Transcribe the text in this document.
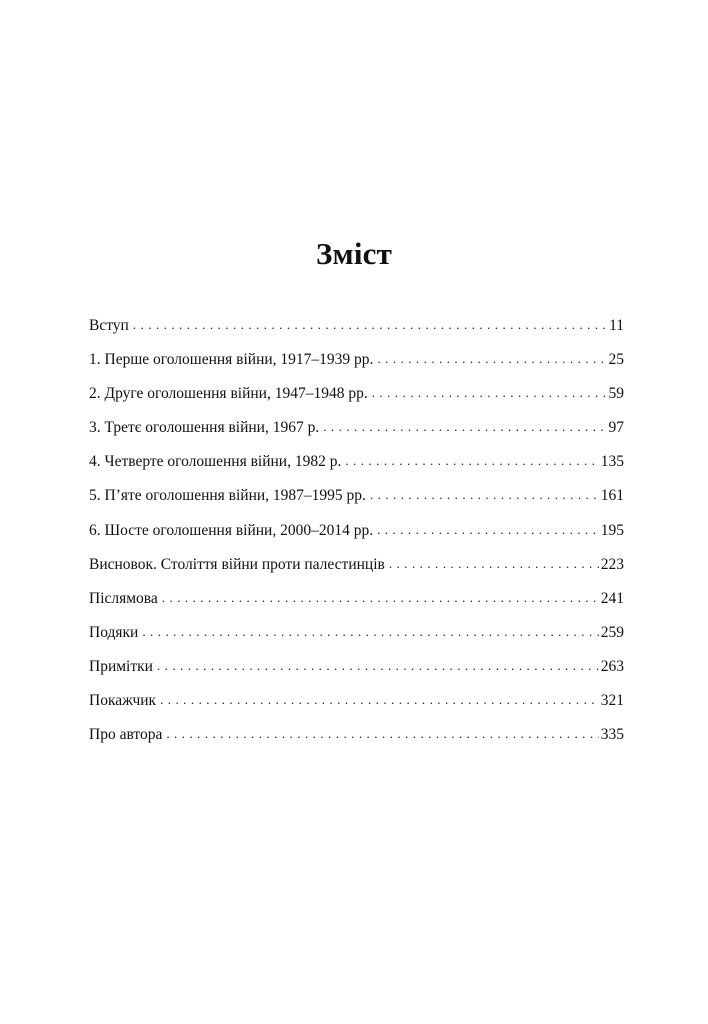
Зміст
Вступ . . .	11
1. Перше оголошення війни, 1917–1939 рр. . . .	25
2. Друге оголошення війни, 1947–1948 рр. . . .	59
3. Третє оголошення війни, 1967 р. . . .	97
4. Четверте оголошення війни, 1982 р. . . .	135
5. П’яте оголошення війни, 1987–1995 рр. . . .	161
6. Шосте оголошення війни, 2000–2014 рр. . . .	195
Висновок. Століття війни проти палестинців . . .	223
Післямова . . .	241
Подяки . . .	259
Примітки . . .	263
Покажчик . . .	321
Про автора . . .	335
